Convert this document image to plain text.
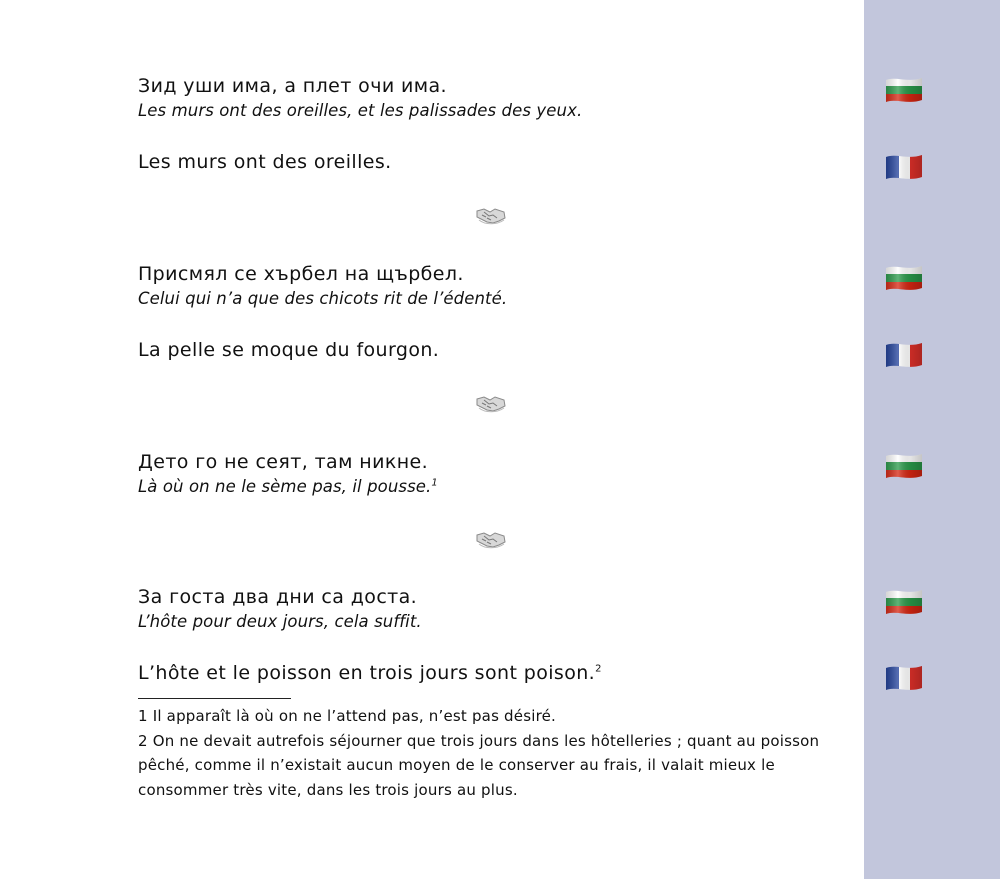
Зид уши има, а плет очи има.
Les murs ont des oreilles, et les palissades des yeux.
Les murs ont des oreilles.
Присмял се хърбел на щърбел.
Celui qui n’a que des chicots rit de l’édenté.
La pelle se moque du fourgon.
Дето го не сеят, там никне.
Là où on ne le sème pas, il pousse.$^1$
За госта два дни са доста.
L’hôte pour deux jours, cela suffit.
L’hôte et le poisson en trois jours sont poison.$^2$

1 Il apparaît là où on ne l’attend pas, n’est pas désiré.

2 On ne devait autrefois séjourner que trois jours dans les hôtelleries ; quant au poisson pêché, comme il n’existait aucun moyen de le conserver au frais, il valait mieux le consommer très vite, dans les trois jours au plus.
